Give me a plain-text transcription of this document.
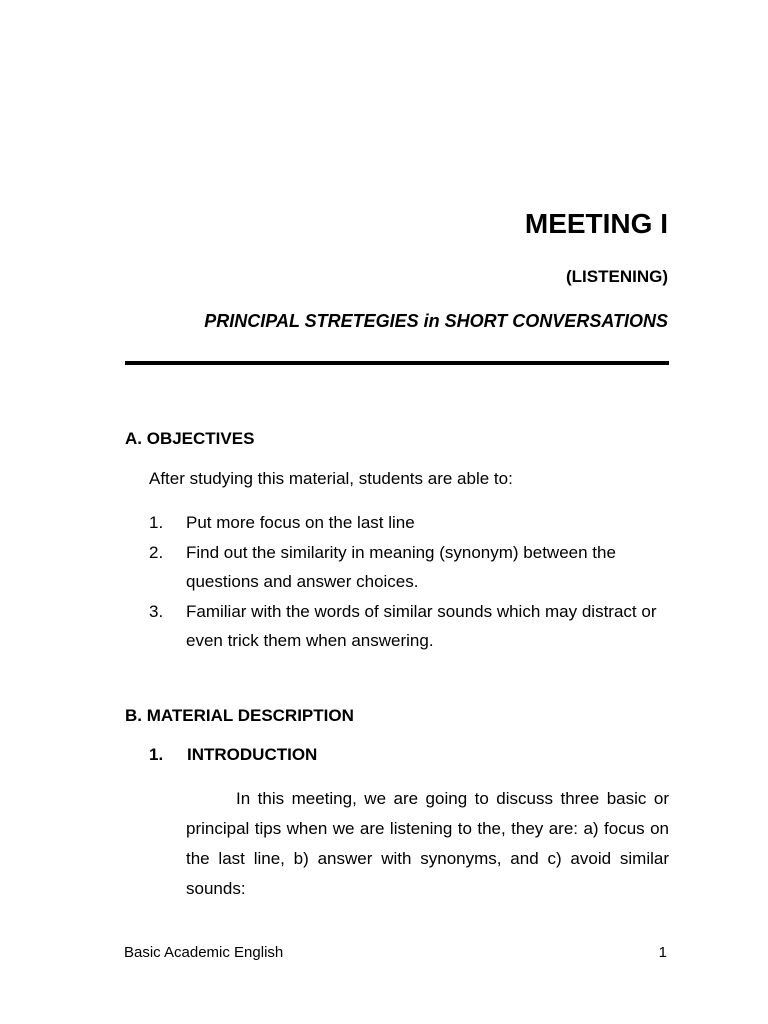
MEETING I
(LISTENING)
PRINCIPAL STRETEGIES in SHORT CONVERSATIONS
A. OBJECTIVES
After studying this material, students are able to:
1.	Put more focus on the last line
2.	Find out the similarity in meaning (synonym) between the questions and answer choices.
3.	Familiar with the words of similar sounds which may distract or even trick them when answering.
B. MATERIAL DESCRIPTION
1.	INTRODUCTION

In this meeting, we are going to discuss three basic or principal tips when we are listening to the, they are: a) focus on the last line, b) answer with synonyms, and c) avoid similar sounds:

Basic Academic English	1
